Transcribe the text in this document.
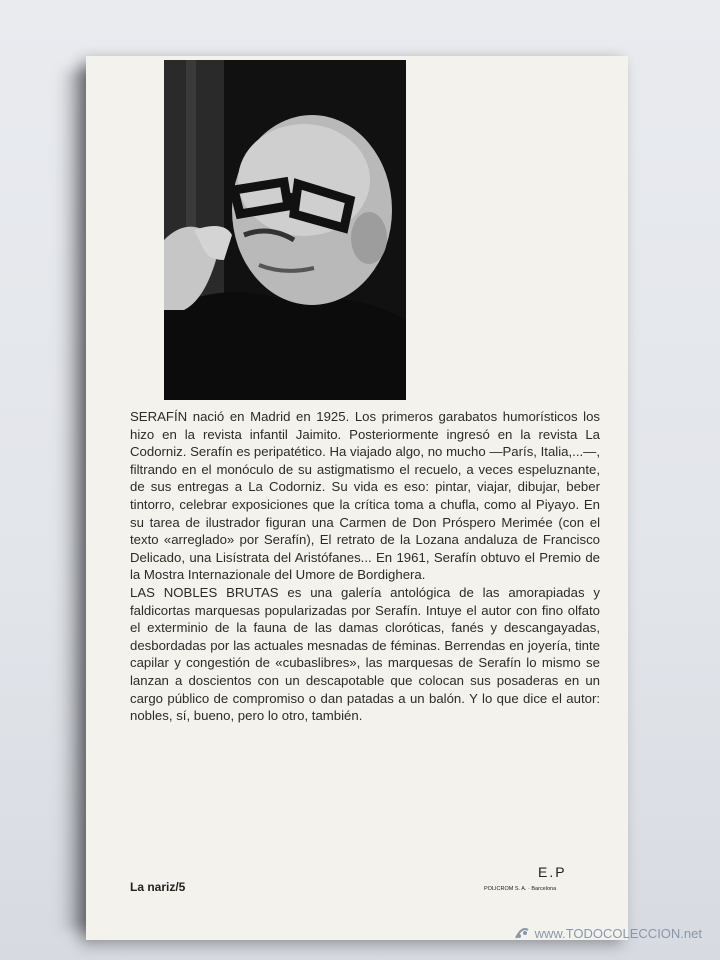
SERAFÍN nació en Madrid en 1925. Los primeros garabatos humorísticos los hizo en la revista infantil Jaimito. Posteriormente ingresó en la revista La Codorniz. Serafín es peripatético. Ha viajado algo, no mucho —París, Italia,...—, filtrando en el monóculo de su astigmatismo el recuelo, a veces espeluznante, de sus entregas a La Codorniz. Su vida es eso: pintar, viajar, dibujar, beber tintorro, celebrar exposiciones que la crítica toma a chufla, como al Piyayo. En su tarea de ilustrador figuran una Carmen de Don Próspero Merimée (con el texto «arreglado» por Serafín), El retrato de la Lozana andaluza de Francisco Delicado, una Lisístrata del Aristófanes... En 1961, Serafín obtuvo el Premio de la Mostra Internazionale del Umore de Bordighera.

LAS NOBLES BRUTAS es una galería antológica de las amorapiadas y faldicortas marquesas popularizadas por Serafín. Intuye el autor con fino olfato el exterminio de la fauna de las damas cloróticas, fanés y descangayadas, desbordadas por las actuales mesnadas de féminas. Berrendas en joyería, tinte capilar y congestión de «cubaslibres», las marquesas de Serafín lo mismo se lanzan a doscientos con un descapotable que colocan sus posaderas en un cargo público de compromiso o dan patadas a un balón. Y lo que dice el autor: nobles, sí, bueno, pero lo otro, también.

La nariz/5
E.P
POLICROM S. A. · Barcelona
www.TODOCOLECCION.net
